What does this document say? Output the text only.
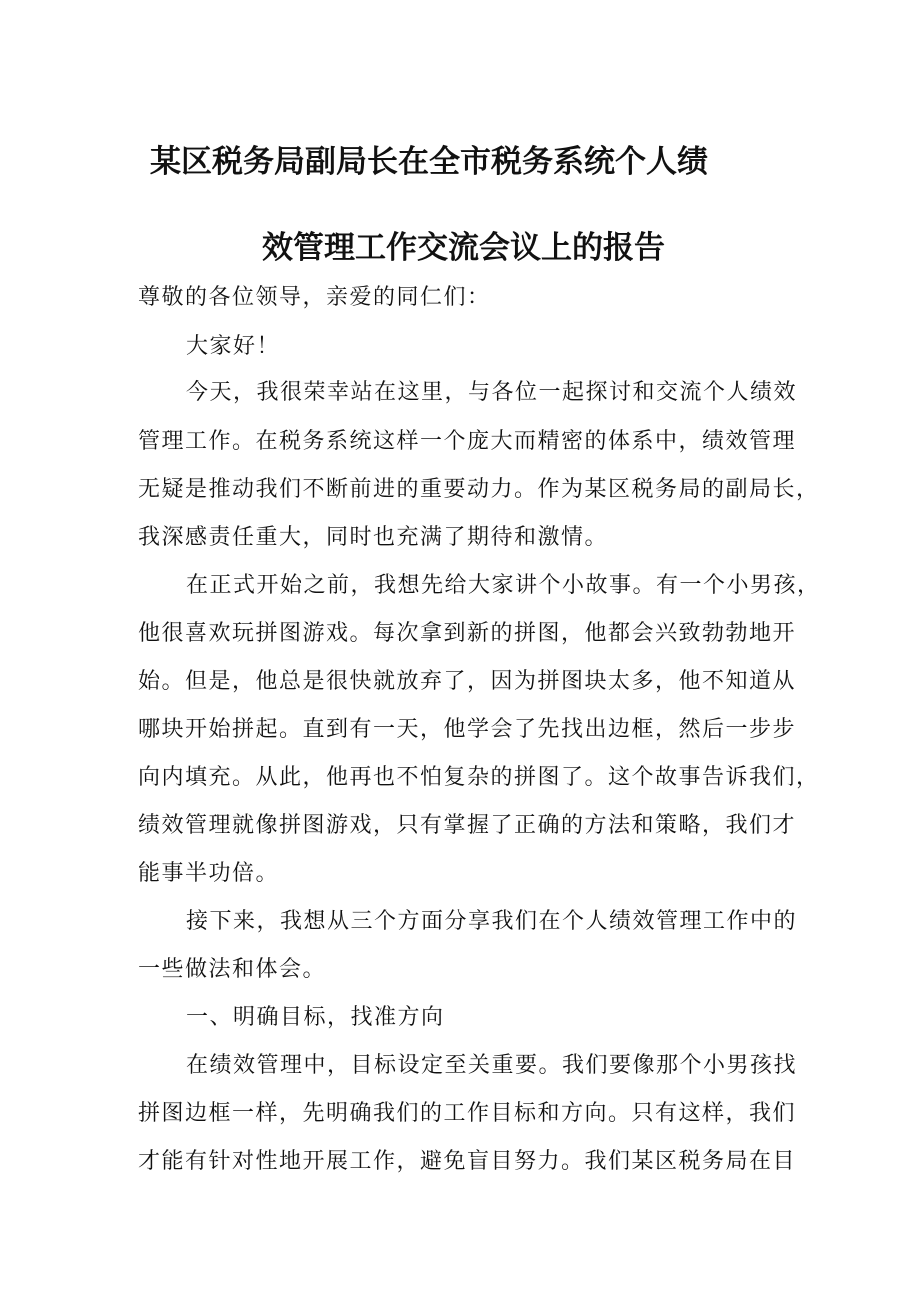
某区税务局副局长在全市税务系统个人绩
效管理工作交流会议上的报告
尊敬的各位领导，亲爱的同仁们：
大家好！
今天，我很荣幸站在这里，与各位一起探讨和交流个人绩效
管理工作。在税务系统这样一个庞大而精密的体系中，绩效管理
无疑是推动我们不断前进的重要动力。作为某区税务局的副局长，
我深感责任重大，同时也充满了期待和激情。
在正式开始之前，我想先给大家讲个小故事。有一个小男孩，
他很喜欢玩拼图游戏。每次拿到新的拼图，他都会兴致勃勃地开
始。但是，他总是很快就放弃了，因为拼图块太多，他不知道从
哪块开始拼起。直到有一天，他学会了先找出边框，然后一步步
向内填充。从此，他再也不怕复杂的拼图了。这个故事告诉我们，
绩效管理就像拼图游戏，只有掌握了正确的方法和策略，我们才
能事半功倍。
接下来，我想从三个方面分享我们在个人绩效管理工作中的
一些做法和体会。
一、明确目标，找准方向
在绩效管理中，目标设定至关重要。我们要像那个小男孩找
拼图边框一样，先明确我们的工作目标和方向。只有这样，我们
才能有针对性地开展工作，避免盲目努力。我们某区税务局在目
